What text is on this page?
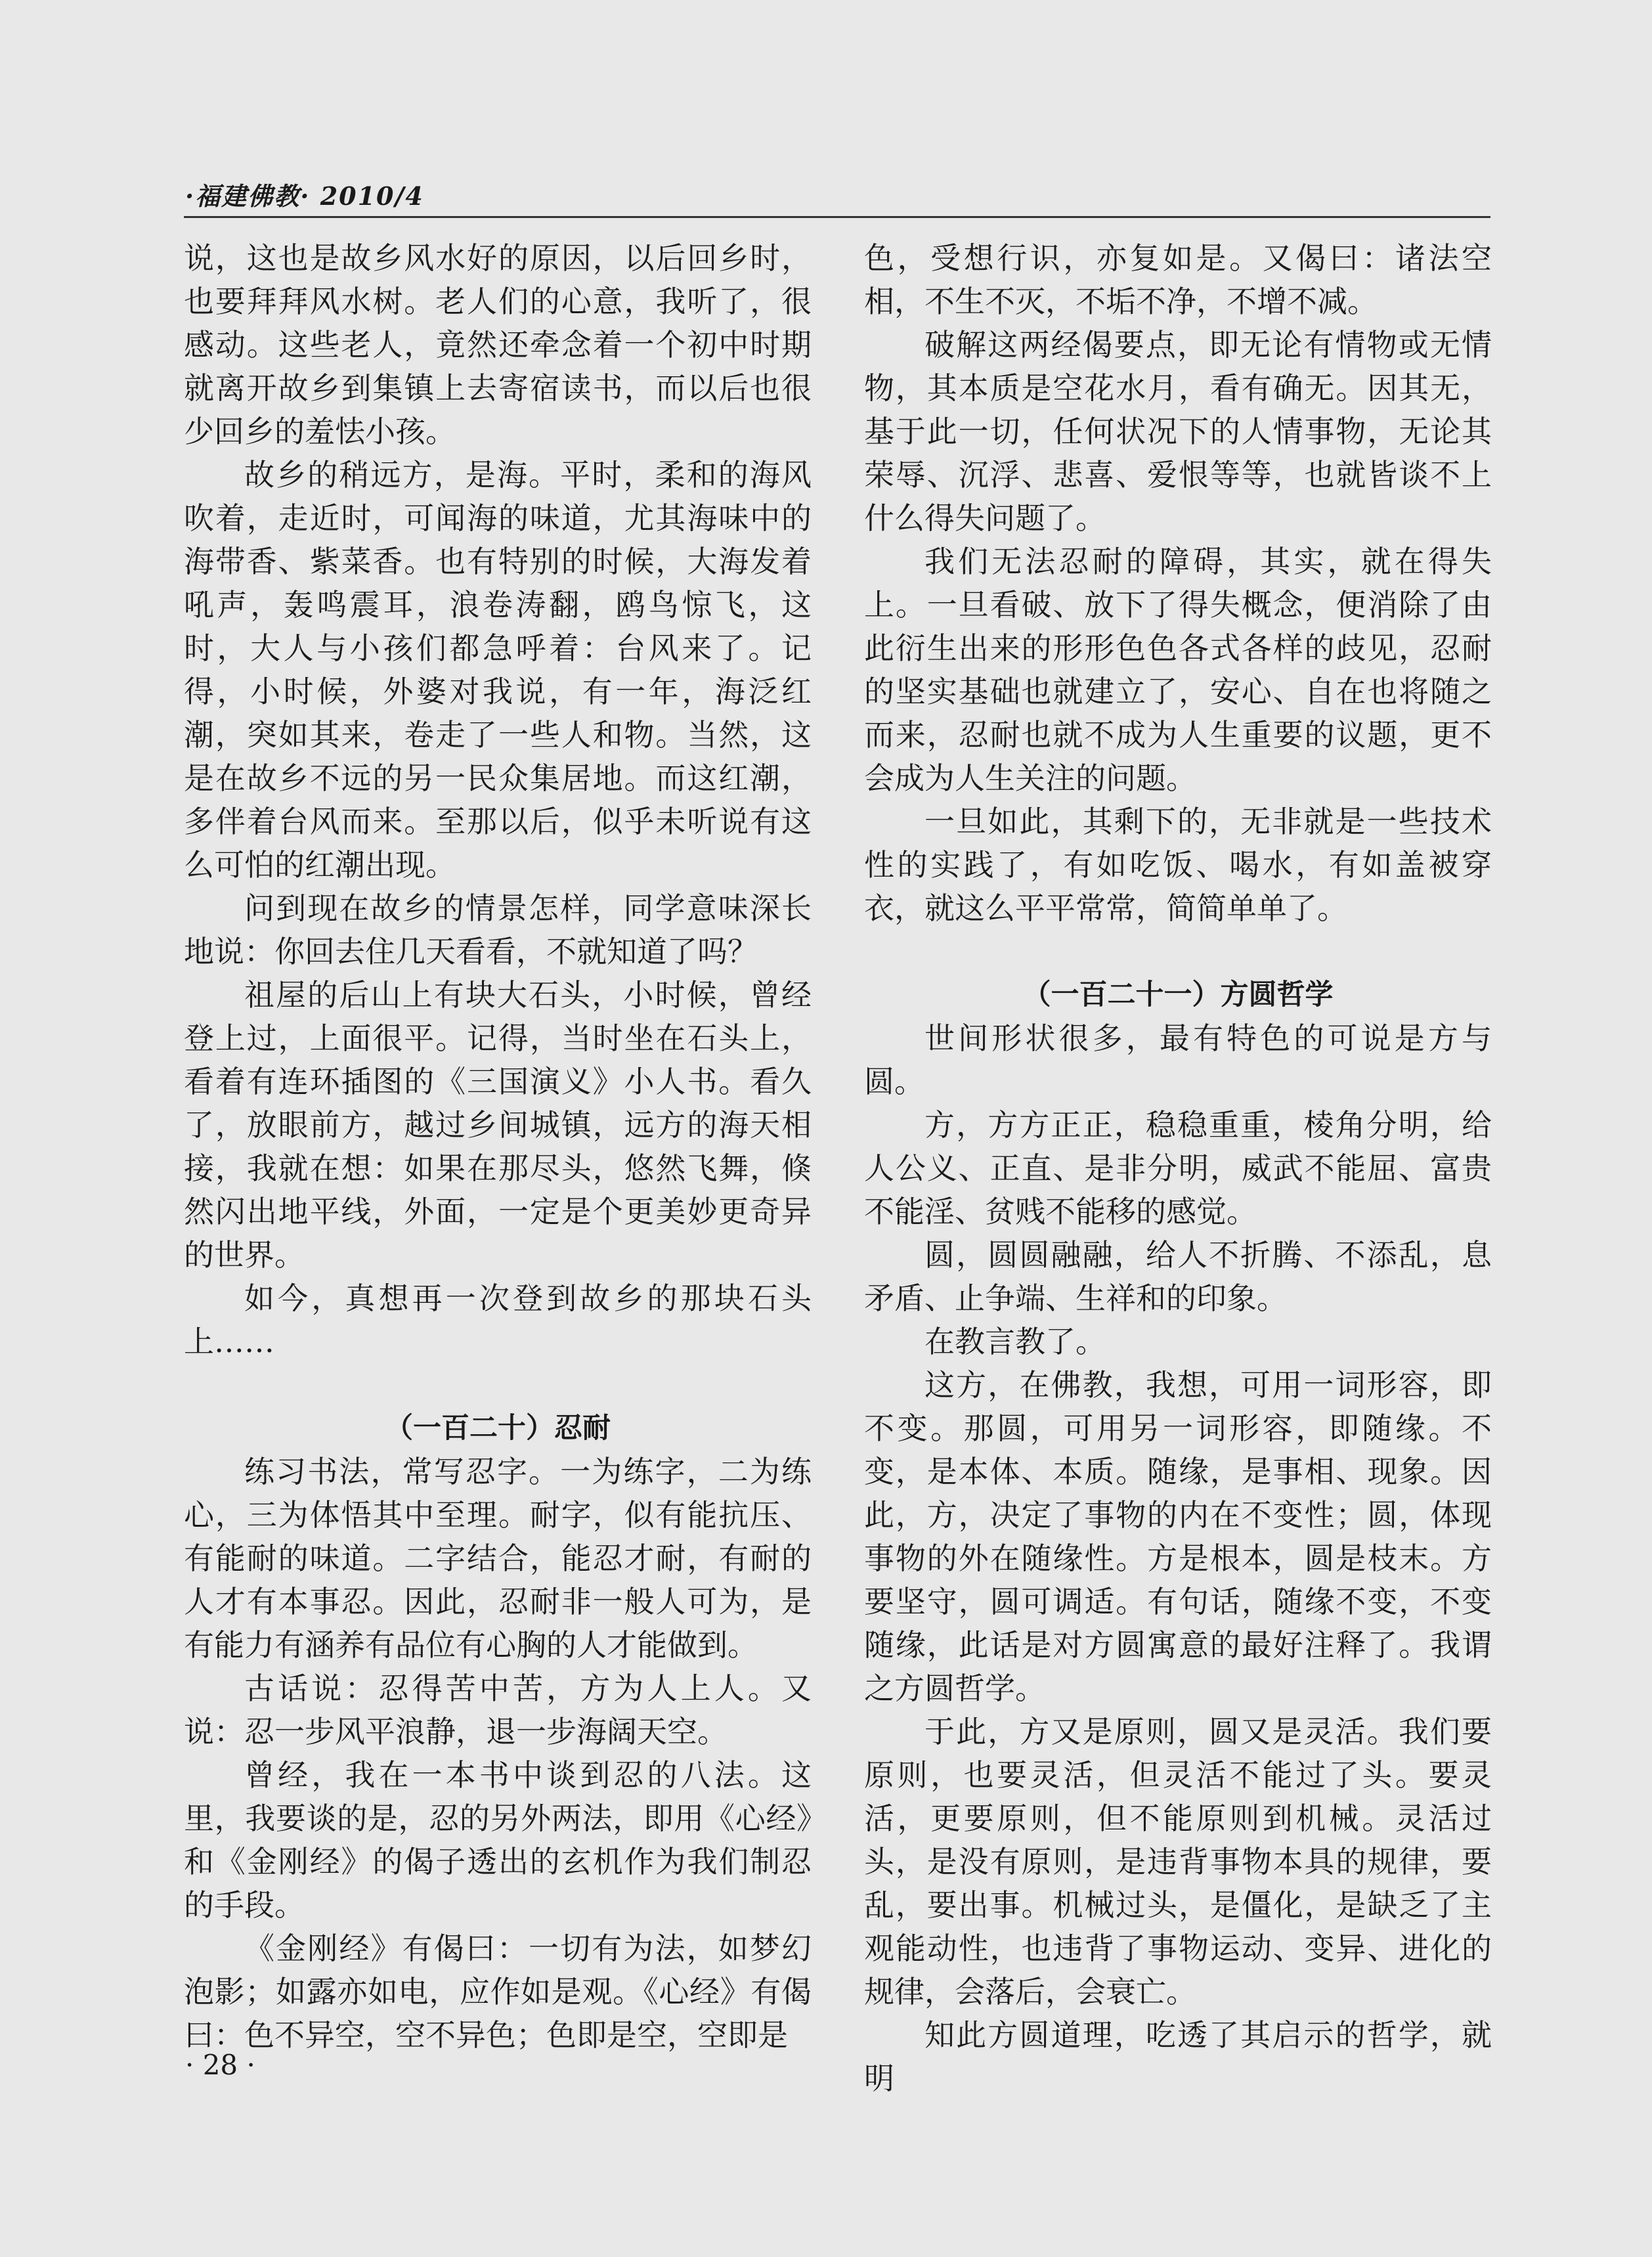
·福建佛教· 2010/4

说，这也是故乡风水好的原因，以后回乡时，也要拜拜风水树。老人们的心意，我听了，很感动。这些老人，竟然还牵念着一个初中时期就离开故乡到集镇上去寄宿读书，而以后也很少回乡的羞怯小孩。

故乡的稍远方，是海。平时，柔和的海风吹着，走近时，可闻海的味道，尤其海味中的海带香、紫菜香。也有特别的时候，大海发着吼声，轰鸣震耳，浪卷涛翻，鸥鸟惊飞，这时，大人与小孩们都急呼着：台风来了。记得，小时候，外婆对我说，有一年，海泛红潮，突如其来，卷走了一些人和物。当然，这是在故乡不远的另一民众集居地。而这红潮，多伴着台风而来。至那以后，似乎未听说有这么可怕的红潮出现。

问到现在故乡的情景怎样，同学意味深长地说：你回去住几天看看，不就知道了吗？

祖屋的后山上有块大石头，小时候，曾经登上过，上面很平。记得，当时坐在石头上，看着有连环插图的《三国演义》小人书。看久了，放眼前方，越过乡间城镇，远方的海天相接，我就在想：如果在那尽头，悠然飞舞，倏然闪出地平线，外面，一定是个更美妙更奇异的世界。

如今，真想再一次登到故乡的那块石头上……

（一百二十）忍耐

练习书法，常写忍字。一为练字，二为练心，三为体悟其中至理。耐字，似有能抗压、有能耐的味道。二字结合，能忍才耐，有耐的人才有本事忍。因此，忍耐非一般人可为，是有能力有涵养有品位有心胸的人才能做到。

古话说：忍得苦中苦，方为人上人。又说：忍一步风平浪静，退一步海阔天空。

曾经，我在一本书中谈到忍的八法。这里，我要谈的是，忍的另外两法，即用《心经》和《金刚经》的偈子透出的玄机作为我们制忍的手段。

《金刚经》有偈曰：一切有为法，如梦幻泡影；如露亦如电，应作如是观。《心经》有偈曰：色不异空，空不异色；色即是空，空即是

色，受想行识，亦复如是。又偈曰：诸法空相，不生不灭，不垢不净，不增不减。

破解这两经偈要点，即无论有情物或无情物，其本质是空花水月，看有确无。因其无，基于此一切，任何状况下的人情事物，无论其荣辱、沉浮、悲喜、爱恨等等，也就皆谈不上什么得失问题了。

我们无法忍耐的障碍，其实，就在得失上。一旦看破、放下了得失概念，便消除了由此衍生出来的形形色色各式各样的歧见，忍耐的坚实基础也就建立了，安心、自在也将随之而来，忍耐也就不成为人生重要的议题，更不会成为人生关注的问题。

一旦如此，其剩下的，无非就是一些技术性的实践了，有如吃饭、喝水，有如盖被穿衣，就这么平平常常，简简单单了。

（一百二十一）方圆哲学

世间形状很多，最有特色的可说是方与圆。

方，方方正正，稳稳重重，棱角分明，给人公义、正直、是非分明，威武不能屈、富贵不能淫、贫贱不能移的感觉。

圆，圆圆融融，给人不折腾、不添乱，息矛盾、止争端、生祥和的印象。

在教言教了。

这方，在佛教，我想，可用一词形容，即不变。那圆，可用另一词形容，即随缘。不变，是本体、本质。随缘，是事相、现象。因此，方，决定了事物的内在不变性；圆，体现事物的外在随缘性。方是根本，圆是枝末。方要坚守，圆可调适。有句话，随缘不变，不变随缘，此话是对方圆寓意的最好注释了。我谓之方圆哲学。

于此，方又是原则，圆又是灵活。我们要原则，也要灵活，但灵活不能过了头。要灵活，更要原则，但不能原则到机械。灵活过头，是没有原则，是违背事物本具的规律，要乱，要出事。机械过头，是僵化，是缺乏了主观能动性，也违背了事物运动、变异、进化的规律，会落后，会衰亡。

知此方圆道理，吃透了其启示的哲学，就明

· 28 ·
